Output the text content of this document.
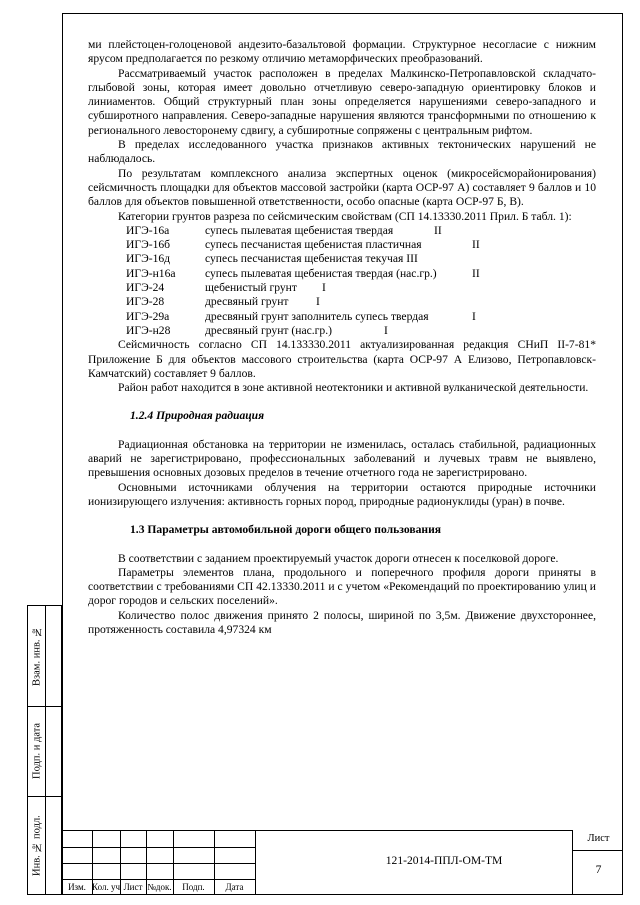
ми плейстоцен-голоценовой андезито-базальтовой формации. Структурное несогласие с нижним ярусом предполагается по резкому отличию метаморфических преобразований.

Рассматриваемый участок расположен в пределах Малкинско-Петропавловской складчато-глыбовой зоны, которая имеет довольно отчетливую северо-западную ориентировку блоков и линиаментов. Общий структурный план зоны определяется нарушениями северо-западного и субширотного направления. Северо-западные нарушения являются трансформными по отношению к регионального левосторонему сдвигу, а субширотные сопряжены с центральным рифтом.

В пределах исследованного участка признаков активных тектонических нарушений не наблюдалось.

По результатам комплексного анализа экспертных оценок (микросейсморайонирования) сейсмичность площадки для объектов массовой застройки (карта ОСР-97 А) составляет 9 баллов и 10 баллов для объектов повышенной ответственности, особо опасные (карта ОСР-97 Б, В).

Категории грунтов разреза по сейсмическим свойствам (СП 14.13330.2011 Прил. Б табл. 1):

ИГЭ-16а	супесь пылеватая щебенистая твердая	II
ИГЭ-16б	супесь песчанистая щебенистая пластичная	II
ИГЭ-16д	супесь песчанистая щебенистая текучая III
ИГЭ-н16а	супесь пылеватая щебенистая твердая (нас.гр.)	II
ИГЭ-24	щебенистый грунт I
ИГЭ-28	дресвяный грунт I
ИГЭ-29а	дресвяный грунт заполнитель супесь твердая	I
ИГЭ-н28	дресвяный грунт (нас.гр.)	I

Сейсмичность согласно СП 14.133330.2011 актуализированная редакция СНиП II-7-81* Приложение Б для объектов массового строительства (карта ОСР-97 А Елизово, Петропавловск-Камчатский) составляет 9 баллов.

Район работ находится в зоне активной неотектоники и активной вулканической деятельности.

1.2.4 Природная радиация

Радиационная обстановка на территории не изменилась, осталась стабильной, радиационных аварий не зарегистрировано, профессиональных заболеваний и лучевых травм не выявлено, превышения основных дозовых пределов в течение отчетного года не зарегистрировано.

Основными источниками облучения на территории остаются природные источники ионизирующего излучения: активность горных пород, природные радионуклиды (уран) в почве.

1.3 Параметры автомобильной дороги общего пользования

В соответствии с заданием проектируемый участок дороги отнесен к поселковой дороге.

Параметры элементов плана, продольного и поперечного профиля дороги приняты в соответствии с требованиями СП 42.13330.2011 и с учетом «Рекомендаций по проектированию улиц и дорог городов и сельских поселений».

Количество полос движения принято 2 полосы, шириной по 3,5м. Движение двухстороннее, протяженность составила 4,97324 км

Взам. инв. №
Подп. и дата
Инв. № подл.
Изм. Кол. уч Лист №док.	Подп.	Дата
121-2014-ППЛ-ОМ-ТМ
Лист
7
